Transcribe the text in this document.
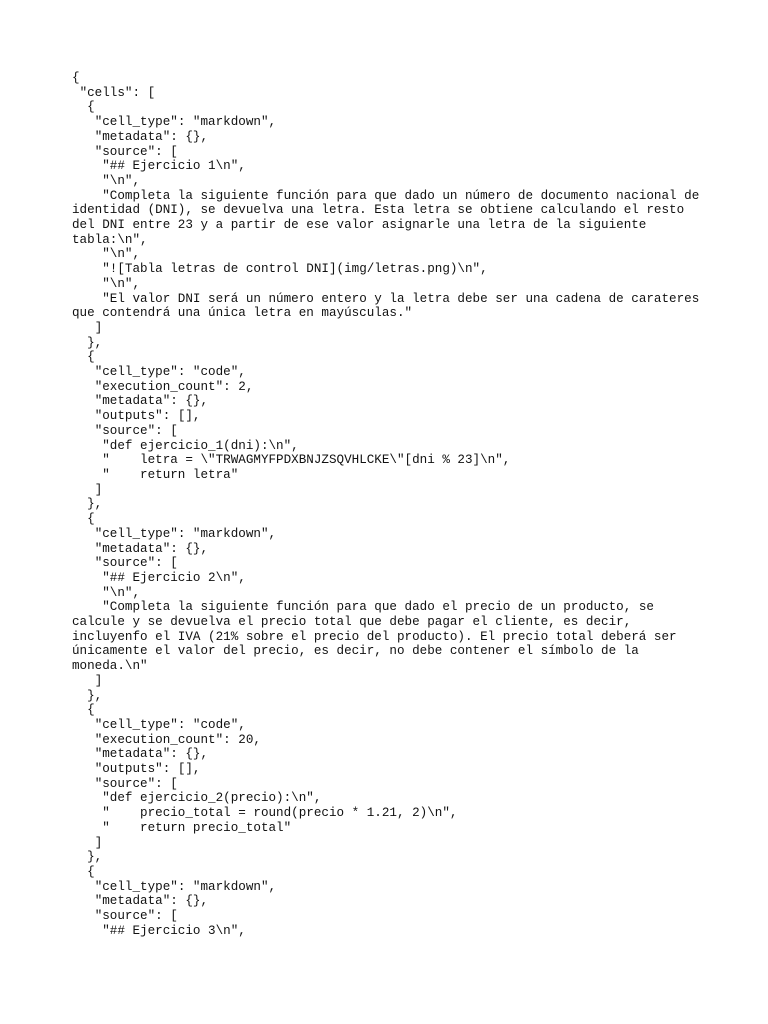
{
"cells": [
{
"cell_type": "markdown",
"metadata": {},
"source": [
"## Ejercicio 1\n",
"\n",
"Completa la siguiente función para que dado un número de documento nacional de identidad (DNI), se devuelva una letra. Esta letra se obtiene calculando el resto del DNI entre 23 y a partir de ese valor asignarle una letra de la siguiente tabla:\n",
"\n",
"![Tabla letras de control DNI](img/letras.png)\n",
"\n",
"El valor DNI será un número entero y la letra debe ser una cadena de carateres que contendrá una única letra en mayúsculas."
]
},
{
"cell_type": "code",
"execution_count": 2,
"metadata": {},
"outputs": [],
"source": [
"def ejercicio_1(dni):\n",
"    letra = \"TRWAGMYFPDXBNJZSQVHLCKE\"[dni % 23]\n",
"    return letra"
]
},
{
"cell_type": "markdown",
"metadata": {},
"source": [
"## Ejercicio 2\n",
"\n",
"Completa la siguiente función para que dado el precio de un producto, se calcule y se devuelva el precio total que debe pagar el cliente, es decir, incluyenfo el IVA (21% sobre el precio del producto). El precio total deberá ser únicamente el valor del precio, es decir, no debe contener el símbolo de la moneda.\n"
]
},
{
"cell_type": "code",
"execution_count": 20,
"metadata": {},
"outputs": [],
"source": [
"def ejercicio_2(precio):\n",
"    precio_total = round(precio * 1.21, 2)\n",
"    return precio_total"
]
},
{
"cell_type": "markdown",
"metadata": {},
"source": [
"## Ejercicio 3\n",
